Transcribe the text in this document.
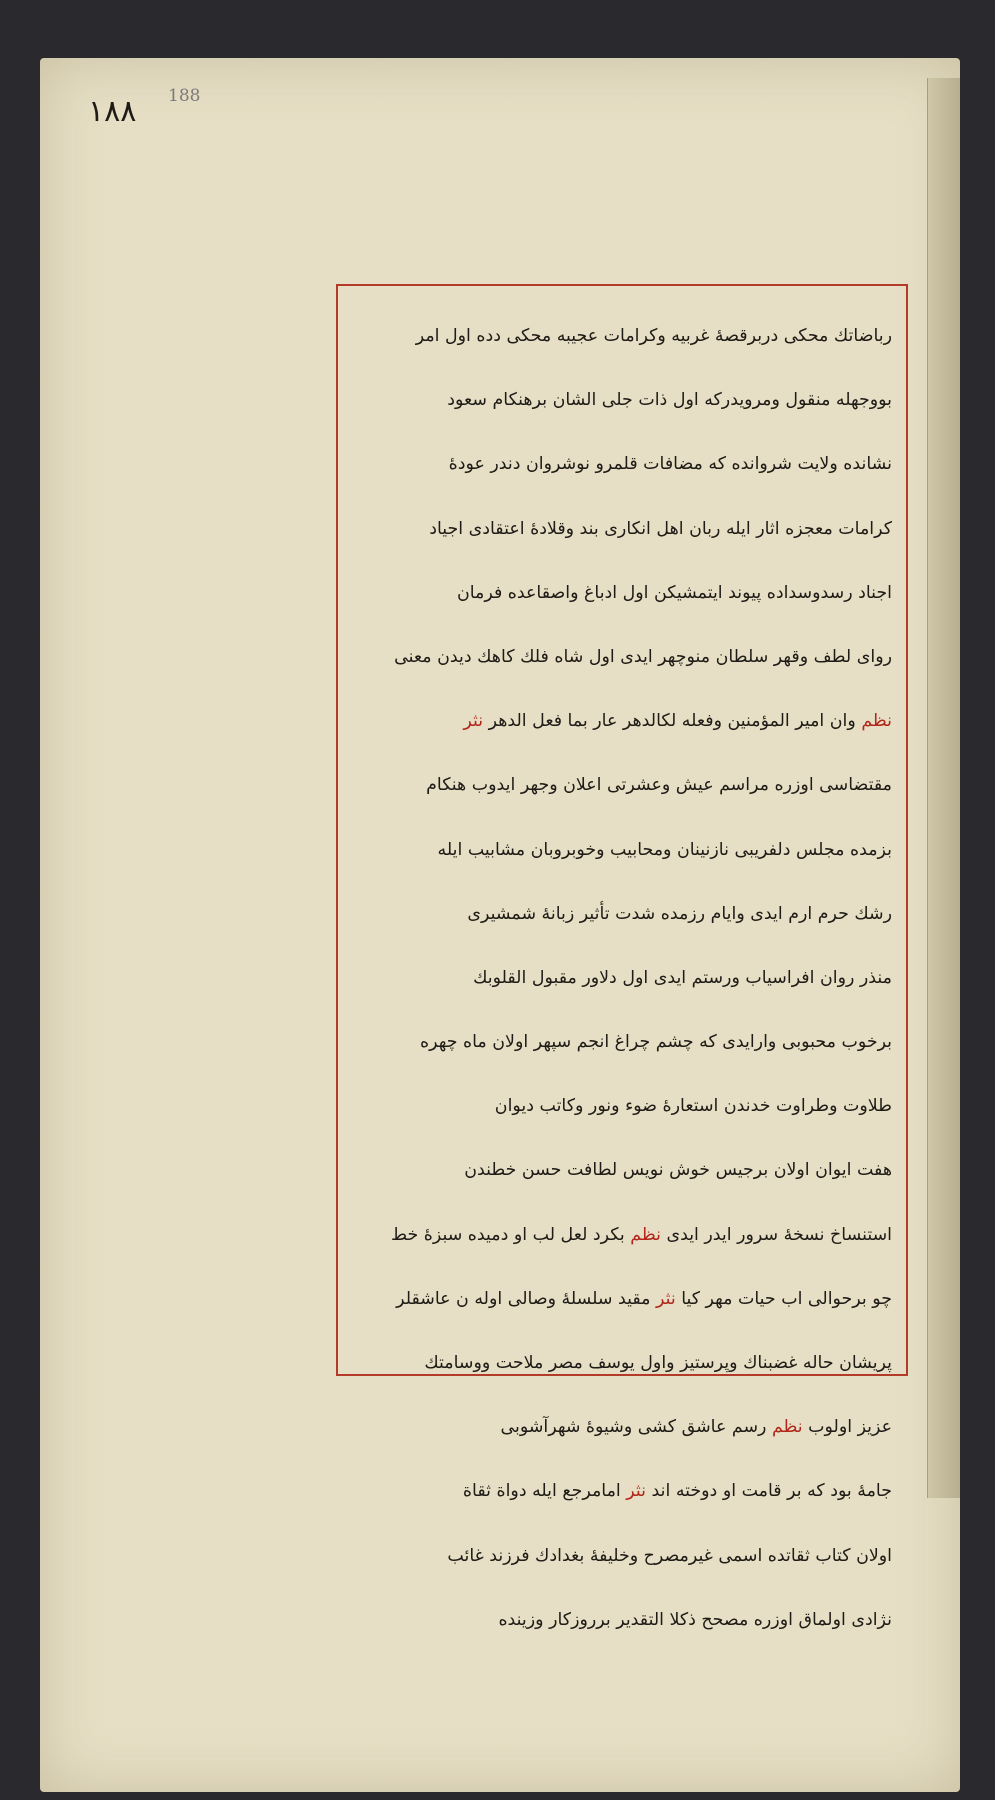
١٨٨ 188
رباضاتك محكى دربرقصهٔ غربيه وكرامات عجيبه محكى دده اول امر
بووجهله منقول ومرويدركه اول ذات جلى الشان برهنكام سعود
نشانده ولايت شروانده كه مضافات قلمرو نوشروان دندر عودهٔ
كرامات معجزه اثار ايله ربان اهل انكارى بند وقلادهٔ اعتقادى اجياد
اجناد رسدوسداده پيوند ايتمشيكن اول ادباغ واصقاعده فرمان
رواى لطف وقهر سلطان منوچهر ايدى اول شاه فلك كاهك ديدن معنى
نظم وان امير المؤمنين وفعله لكالدهر عار بما فعل الدهر نثر
مقتضاسى اوزره مراسم عيش وعشرتى اعلان وجهر ايدوب هنكام
بزمده مجلس دلفريبى نازنينان ومحابيب وخوبروبان مشابيب ايله
رشك حرم ارم ايدى وايام رزمده شدت تأثير زبانهٔ شمشيرى
منذر روان افراسياب ورستم ايدى اول دلاور مقبول القلوبك
برخوب محبوبى وارايدى كه چشم چراغ انجم سپهر اولان ماه چهره
طلاوت وطراوت خدندن استعارهٔ ضوء ونور وكاتب ديوان
هفت ايوان اولان برجيس خوش نويس لطافت حسن خطندن
استنساخ نسخهٔ سرور ايدر ايدى نظم بكرد لعل لب او دميده سبزهٔ خط
چو برحوالى اب حيات مهر كيا نثر مقيد سلسلهٔ وصالى اوله ن عاشقلر
پريشان حاله غضبناك وپرستيز واول يوسف مصر ملاحت ووسامتك
عزيز اولوب نظم رسم عاشق كشى وشيوهٔ شهرآشوبى
جامهٔ بود كه بر قامت او دوخته اند نثر امامرجع ايله دواة ثقاة
اولان كتاب ثقاتده اسمى غيرمصرح وخليفهٔ بغدادك فرزند غائب
نژادى اولماق اوزره مصحح ذكلا التقدير برروزكار وزينده
